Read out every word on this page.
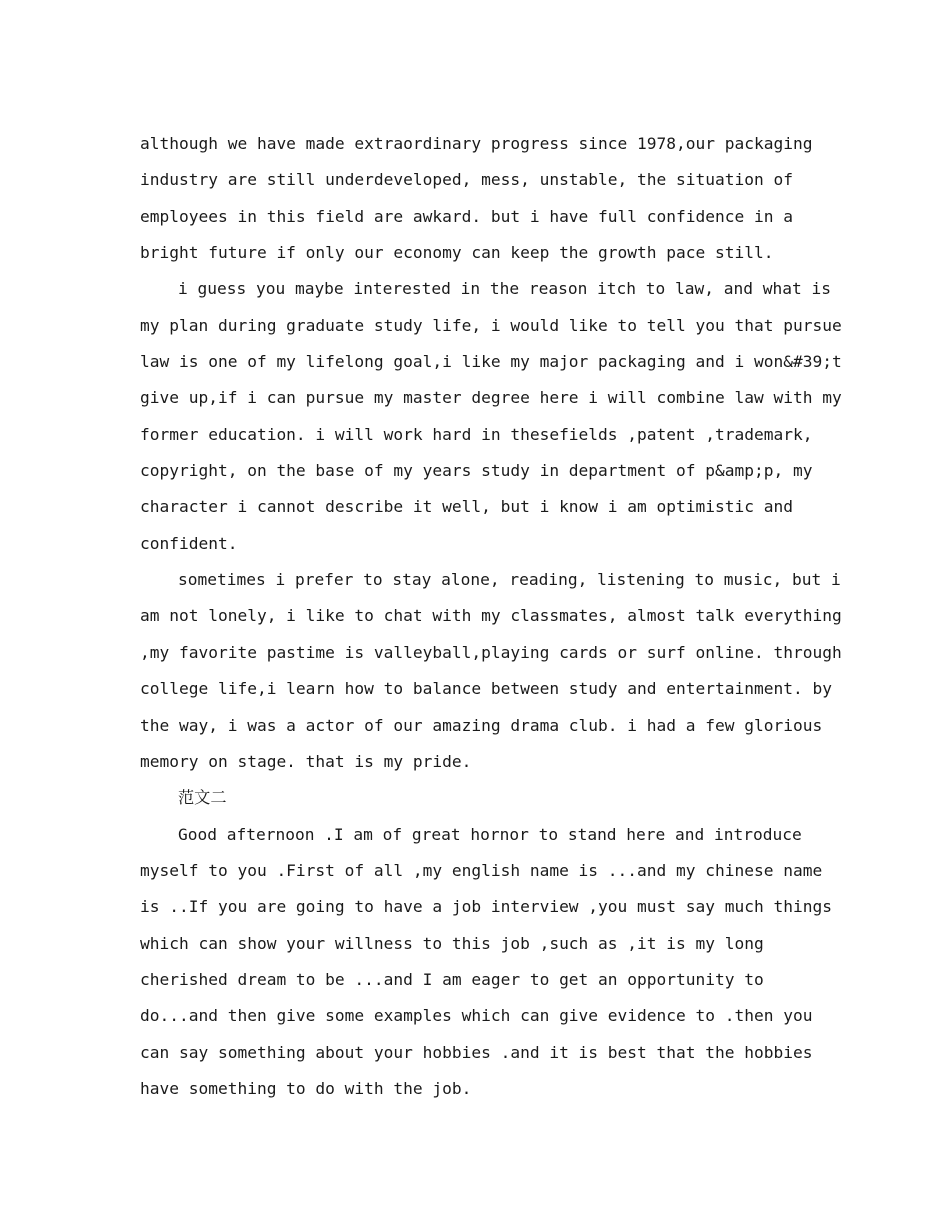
although we have made extraordinary progress since 1978,our packaging
industry are still underdeveloped, mess, unstable, the situation of
employees in this field are awkard. but i have full confidence in a
bright future if only our economy can keep the growth pace still.
i guess you maybe interested in the reason itch to law, and what is
my plan during graduate study life, i would like to tell you that pursue
law is one of my lifelong goal,i like my major packaging and i won&#39;t
give up,if i can pursue my master degree here i will combine law with my
former education. i will work hard in thesefields ,patent ,trademark,
copyright, on the base of my years study in department of p&amp;p, my
character i cannot describe it well, but i know i am optimistic and
confident.
sometimes i prefer to stay alone, reading, listening to music, but i
am not lonely, i like to chat with my classmates, almost talk everything
,my favorite pastime is valleyball,playing cards or surf online. through
college life,i learn how to balance between study and entertainment. by
the way, i was a actor of our amazing drama club. i had a few glorious
memory on stage. that is my pride.
范文二
Good afternoon .I am of great hornor to stand here and introduce
myself to you .First of all ,my english name is ...and my chinese name
is ..If you are going to have a job interview ,you must say much things
which can show your willness to this job ,such as ,it is my long
cherished dream to be ...and I am eager to get an opportunity to
do...and then give some examples which can give evidence to .then you
can say something about your hobbies .and it is best that the hobbies
have something to do with the job.
